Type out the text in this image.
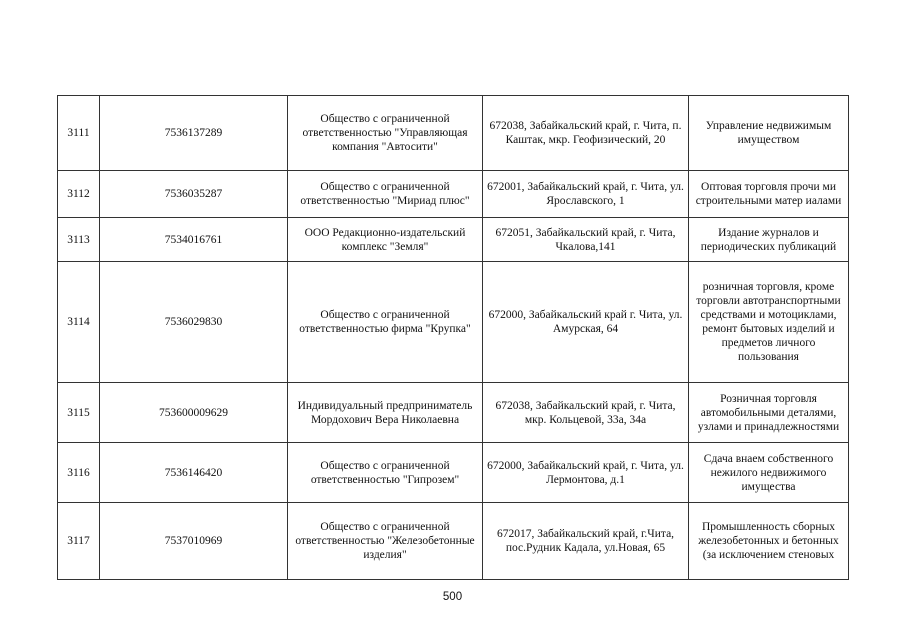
3111	7536137289	Общество с ограниченной ответственностью "Управляющая компания "Автосити"	672038, Забайкальский край, г. Чита, п. Каштак, мкр. Геофизический, 20	Управление недвижимым имуществом
3112	7536035287	Общество с ограниченной ответственностью "Мириад плюс"	672001, Забайкальский край, г. Чита, ул. Ярославского, 1	Оптовая торговля прочи ми строительными матер иалами
3113	7534016761	ООО Редакционно-издательский комплекс "Земля"	672051, Забайкальский край, г. Чита, Чкалова,141	Издание журналов и периодических публикаций
3114	7536029830	Общество с ограниченной ответственностью фирма "Крупка"	672000, Забайкальский край г. Чита, ул. Амурская, 64	розничная торговля, кроме торговли автотранспортными средствами и мотоциклами, ремонт бытовых изделий и предметов личного пользования
3115	753600009629	Индивидуальный предприниматель Мордохович Вера Николаевна	672038, Забайкальский край, г. Чита, мкр. Кольцевой, 33а, 34а	Розничная торговля автомобильными деталями, узлами и принадлежностями
3116	7536146420	Общество с ограниченной ответственностью "Гипрозем"	672000, Забайкальский край, г. Чита, ул. Лермонтова, д.1	Сдача внаем собственного нежилого недвижимого имущества
3117	7537010969	Общество с ограниченной ответственностью "Железобетонные изделия"	672017, Забайкальский край, г.Чита, пос.Рудник Кадала, ул.Новая, 65	Промышленность сборных железобетонных и бетонных (за исключением стеновых
500
